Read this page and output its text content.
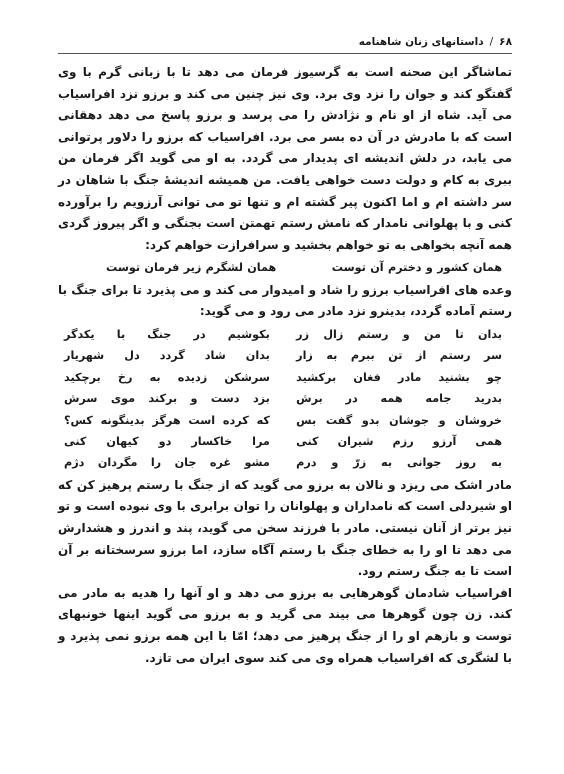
۶۸
/
داستانهای زنان شاهنامه

تماشاگر این صحنه است به گرسیوز فرمان می دهد تا با زبانی گرم با وی گفتگو کند و جوان را نزد وی برد. وی نیز چنین می کند و برزو نزد افراسیاب می آید. شاه از او نام و نژادش را می پرسد و برزو پاسخ می دهد دهقانی است که با مادرش در آن ده بسر می برد. افراسیاب که برزو را دلاور پرتوانی می یابد، در دلش اندیشه ای پدیدار می گردد. به او می گوید اگر فرمان من ببری به کام و دولت دست خواهی یافت. من همیشه اندیشهٔ جنگ با شاهان در سر داشته ام و اما اکنون پیر گشته ام و تنها تو می توانی آرزویم را برآورده کنی و با پهلوانی نامدار که نامش رستم تهمتن است بجنگی و اگر پیروز گردی همه آنچه بخواهی به تو خواهم بخشید و سرافرازت خواهم کرد:

همان کشور و دخترم آن توست
همان لشگرم زیر فرمان توست

وعده های افراسیاب برزو را شاد و امیدوار می کند و می پذیرد تا برای جنگ با رستم آماده گردد، بدینرو نزد مادر می رود و می گوید:

بدان تا من و رستم زال زر
بکوشیم در جنگ با یکدگر
سر رستم از تن ببرم به زار
بدان شاد گردد دل شهریار
چو بشنید مادر فغان برکشید
سرشکن زدیده به رخ برچکید
بدرید جامه همه در برش
بزد دست و برکند موی سرش
خروشان و جوشان بدو گفت بس
که کرده است هرگز بدینگونه کس؟
همی آرزو رزم شیران کنی
مرا خاکسار دو کیهان کنی
به روز جوانی به زرّ و درم
مشو غره جان را مگردان دژم

مادر اشک می ریزد و نالان به برزو می گوید که از جنگ با رستم پرهیز کن که او شیردلی است که نامداران و پهلوانان را توان برابری با وی نبوده است و تو نیز برتر از آنان نیستی. مادر با فرزند سخن می گوید، پند و اندرز و هشدارش می دهد تا او را به خطای جنگ با رستم آگاه سازد، اما برزو سرسختانه بر آن است تا به جنگ رستم رود.

افراسیاب شادمان گوهرهایی به برزو می دهد و او آنها را هدیه به مادر می کند. زن چون گوهرها می بیند می گرید و به برزو می گوید اینها خونبهای توست و بازهم او را از جنگ پرهیز می دهد؛ امّا با این همه برزو نمی پذیرد و با لشگری که افراسیاب همراه وی می کند سوی ایران می تازد.
